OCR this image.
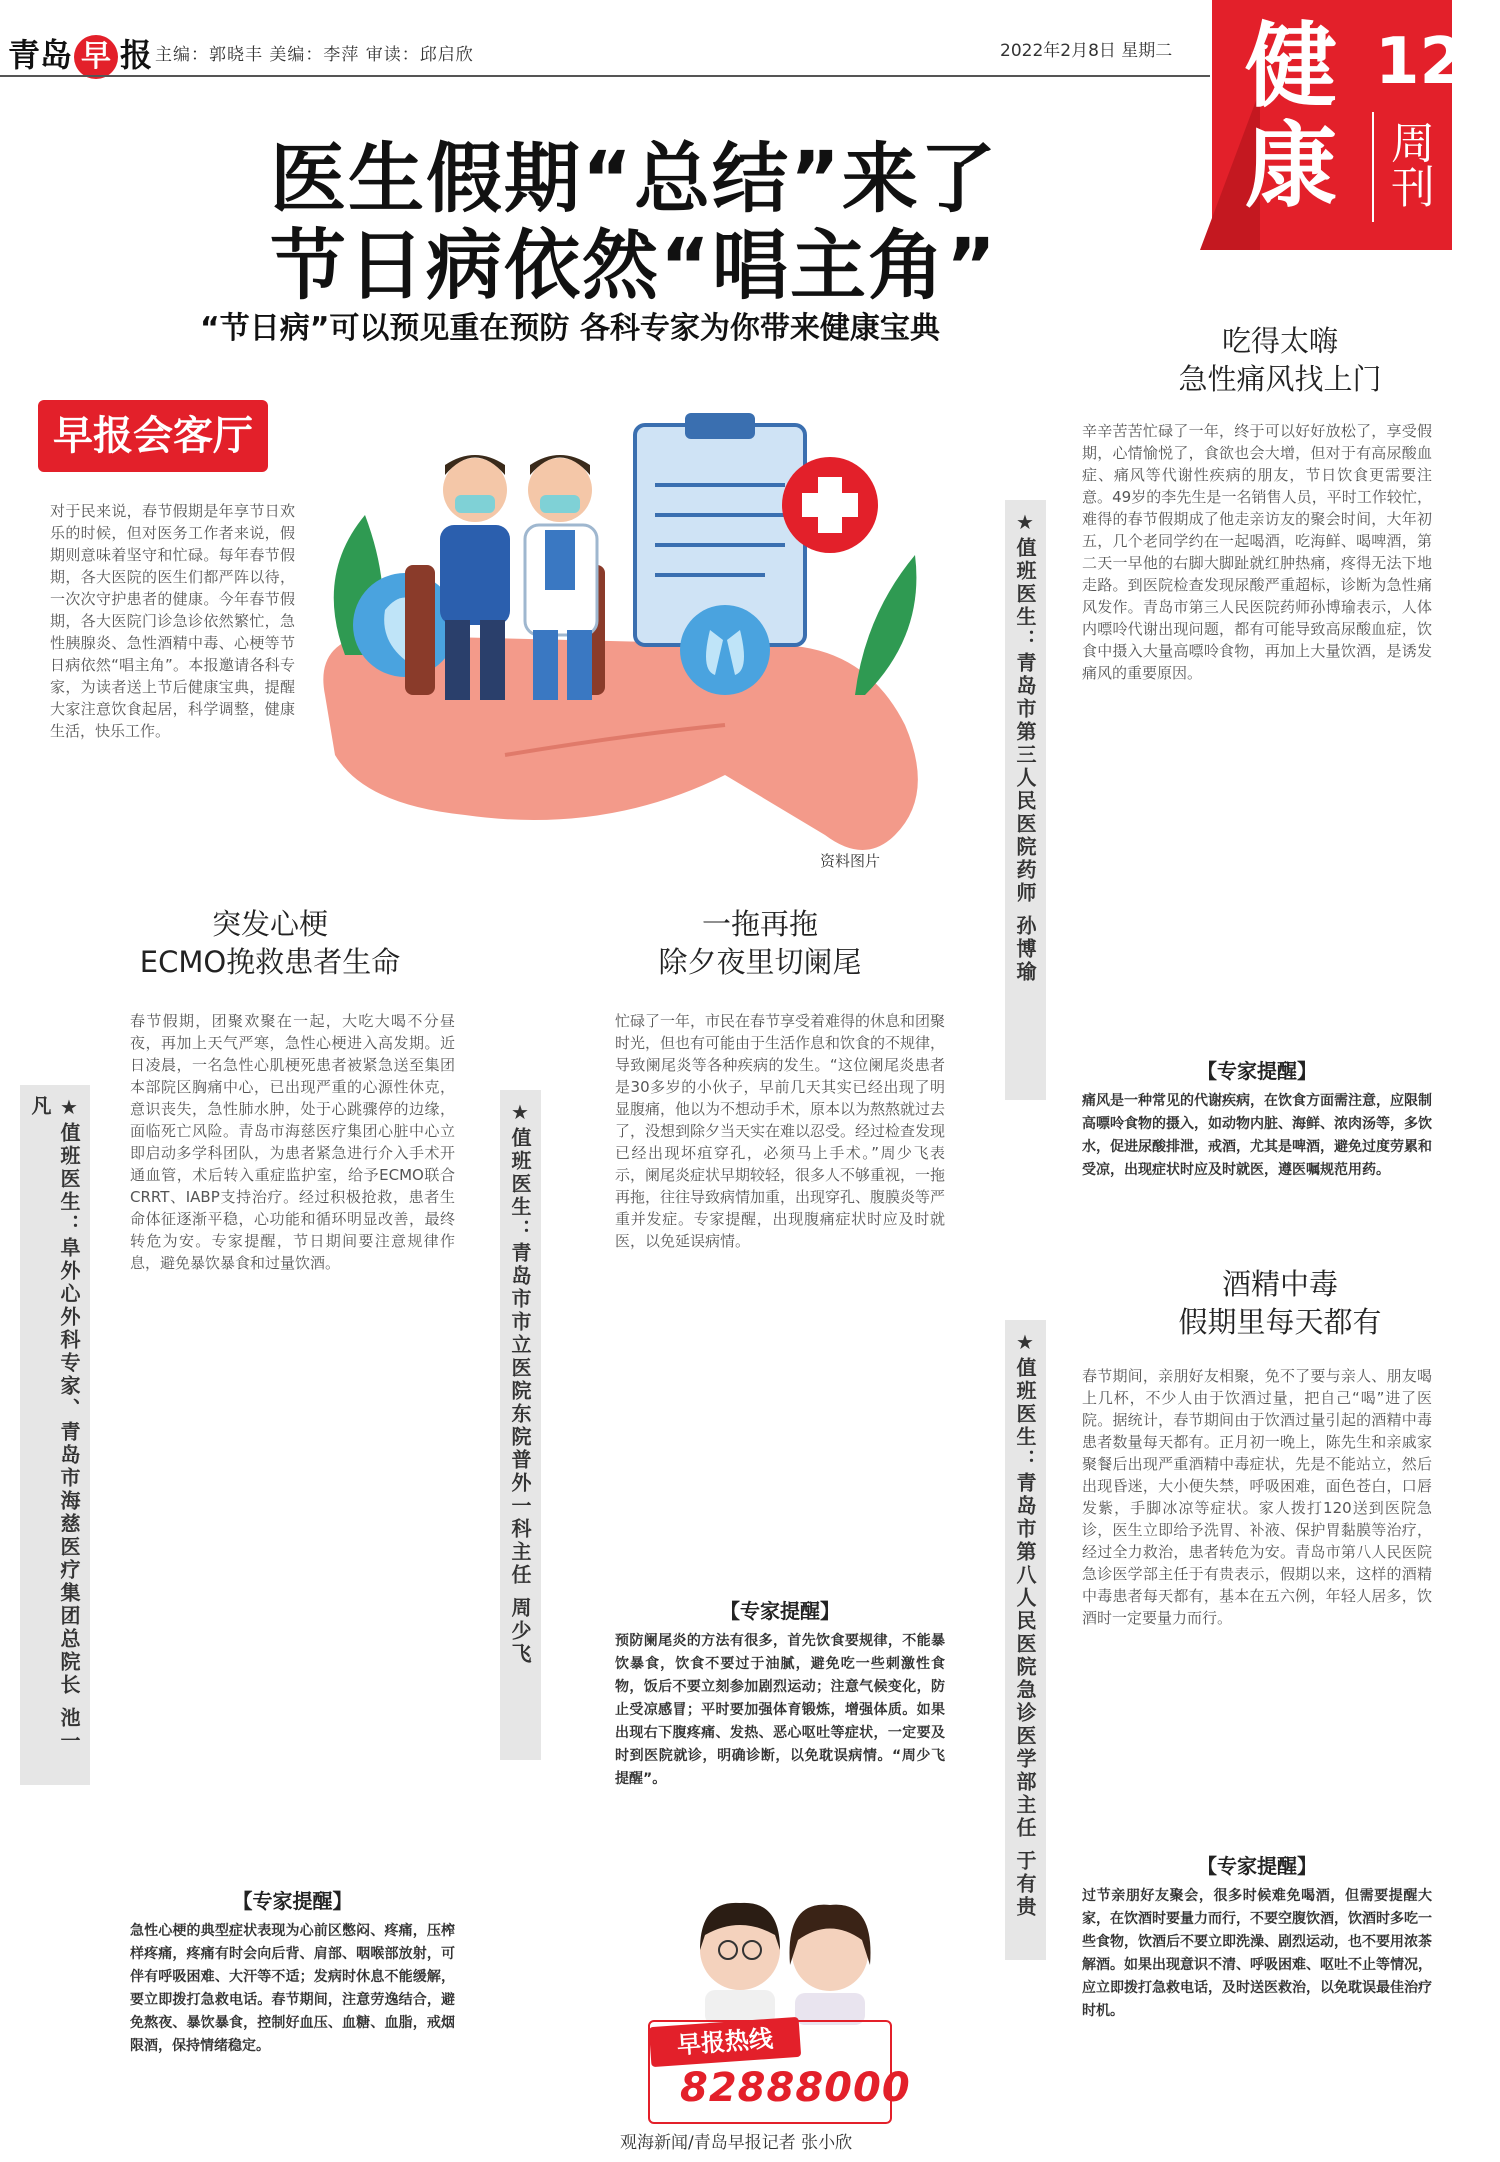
青岛 早 报 主编：郭晓丰 美编：李萍 审读：邱启欣	2022年2月8日 星期二 健
康
12
周刊
医生假期“总结”来了
节日病依然“唱主角”
“节日病”可以预见重在预防 各科专家为你带来健康宝典
早报会客厅
对于民来说，春节假期是年享节日欢乐的时候，但对医务工作者来说，假期则意味着坚守和忙碌。每年春节假期，各大医院的医生们都严阵以待，一次次守护患者的健康。今年春节假期，各大医院门诊急诊依然繁忙，急性胰腺炎、急性酒精中毒、心梗等节日病依然“唱主角”。本报邀请各科专家，为读者送上节后健康宝典，提醒大家注意饮食起居，科学调整，健康生活，快乐工作。
资料图片
突发心梗
ECMO挽救患者生命
★值班医生：阜外心外科专家、青岛市海慈医疗集团总院长 池一凡
春节假期，团聚欢聚在一起，大吃大喝不分昼夜，再加上天气严寒，急性心梗进入高发期。近日凌晨，一名急性心肌梗死患者被紧急送至集团本部院区胸痛中心，已出现严重的心源性休克，意识丧失，急性肺水肿，处于心跳骤停的边缘，面临死亡风险。青岛市海慈医疗集团心脏中心立即启动多学科团队，为患者紧急进行介入手术开通血管，术后转入重症监护室，给予ECMO联合CRRT、IABP支持治疗。经过积极抢救，患者生命体征逐渐平稳，心功能和循环明显改善，最终转危为安。专家提醒，节日期间要注意规律作息，避免暴饮暴食和过量饮酒。
【专家提醒】
急性心梗的典型症状表现为心前区憋闷、疼痛，压榨样疼痛，疼痛有时会向后背、肩部、咽喉部放射，可伴有呼吸困难、大汗等不适；发病时休息不能缓解，要立即拨打急救电话。春节期间，注意劳逸结合，避免熬夜、暴饮暴食，控制好血压、血糖、血脂，戒烟限酒，保持情绪稳定。
一拖再拖
除夕夜里切阑尾
★值班医生：青岛市市立医院东院普外一科主任 周少飞
忙碌了一年，市民在春节享受着难得的休息和团聚时光，但也有可能由于生活作息和饮食的不规律，导致阑尾炎等各种疾病的发生。“这位阑尾炎患者是30多岁的小伙子，早前几天其实已经出现了明显腹痛，他以为不想动手术，原本以为熬熬就过去了，没想到除夕当天实在难以忍受。经过检查发现已经出现坏疽穿孔，必须马上手术。”周少飞表示，阑尾炎症状早期较轻，很多人不够重视，一拖再拖，往往导致病情加重，出现穿孔、腹膜炎等严重并发症。专家提醒，出现腹痛症状时应及时就医，以免延误病情。
【专家提醒】
预防阑尾炎的方法有很多，首先饮食要规律，不能暴饮暴食，饮食不要过于油腻，避免吃一些刺激性食物，饭后不要立刻参加剧烈运动；注意气候变化，防止受凉感冒；平时要加强体育锻炼，增强体质。如果出现右下腹疼痛、发热、恶心呕吐等症状，一定要及时到医院就诊，明确诊断，以免耽误病情。“周少飞提醒”。
早报热线
82888000
观海新闻/青岛早报记者 张小欣
★值班医生：青岛市第三人民医院药师 孙博瑜
★值班医生：青岛市第八人民医院急诊医学部主任 于有贵
吃得太嗨
急性痛风找上门
辛辛苦苦忙碌了一年，终于可以好好放松了，享受假期，心情愉悦了，食欲也会大增，但对于有高尿酸血症、痛风等代谢性疾病的朋友，节日饮食更需要注意。49岁的李先生是一名销售人员，平时工作较忙，难得的春节假期成了他走亲访友的聚会时间，大年初五，几个老同学约在一起喝酒，吃海鲜、喝啤酒，第二天一早他的右脚大脚趾就红肿热痛，疼得无法下地走路。到医院检查发现尿酸严重超标，诊断为急性痛风发作。青岛市第三人民医院药师孙博瑜表示，人体内嘌呤代谢出现问题，都有可能导致高尿酸血症，饮食中摄入大量高嘌呤食物，再加上大量饮酒，是诱发痛风的重要原因。
【专家提醒】
痛风是一种常见的代谢疾病，在饮食方面需注意，应限制高嘌呤食物的摄入，如动物内脏、海鲜、浓肉汤等，多饮水，促进尿酸排泄，戒酒，尤其是啤酒，避免过度劳累和受凉，出现症状时应及时就医，遵医嘱规范用药。
酒精中毒
假期里每天都有
春节期间，亲朋好友相聚，免不了要与亲人、朋友喝上几杯，不少人由于饮酒过量，把自己“喝”进了医院。据统计，春节期间由于饮酒过量引起的酒精中毒患者数量每天都有。正月初一晚上，陈先生和亲戚家聚餐后出现严重酒精中毒症状，先是不能站立，然后出现昏迷，大小便失禁，呼吸困难，面色苍白，口唇发紫，手脚冰凉等症状。家人拨打120送到医院急诊，医生立即给予洗胃、补液、保护胃黏膜等治疗，经过全力救治，患者转危为安。青岛市第八人民医院急诊医学部主任于有贵表示，假期以来，这样的酒精中毒患者每天都有，基本在五六例，年轻人居多，饮酒时一定要量力而行。
【专家提醒】
过节亲朋好友聚会，很多时候难免喝酒，但需要提醒大家，在饮酒时要量力而行，不要空腹饮酒，饮酒时多吃一些食物，饮酒后不要立即洗澡、剧烈运动，也不要用浓茶解酒。如果出现意识不清、呼吸困难、呕吐不止等情况，应立即拨打急救电话，及时送医救治，以免耽误最佳治疗时机。
